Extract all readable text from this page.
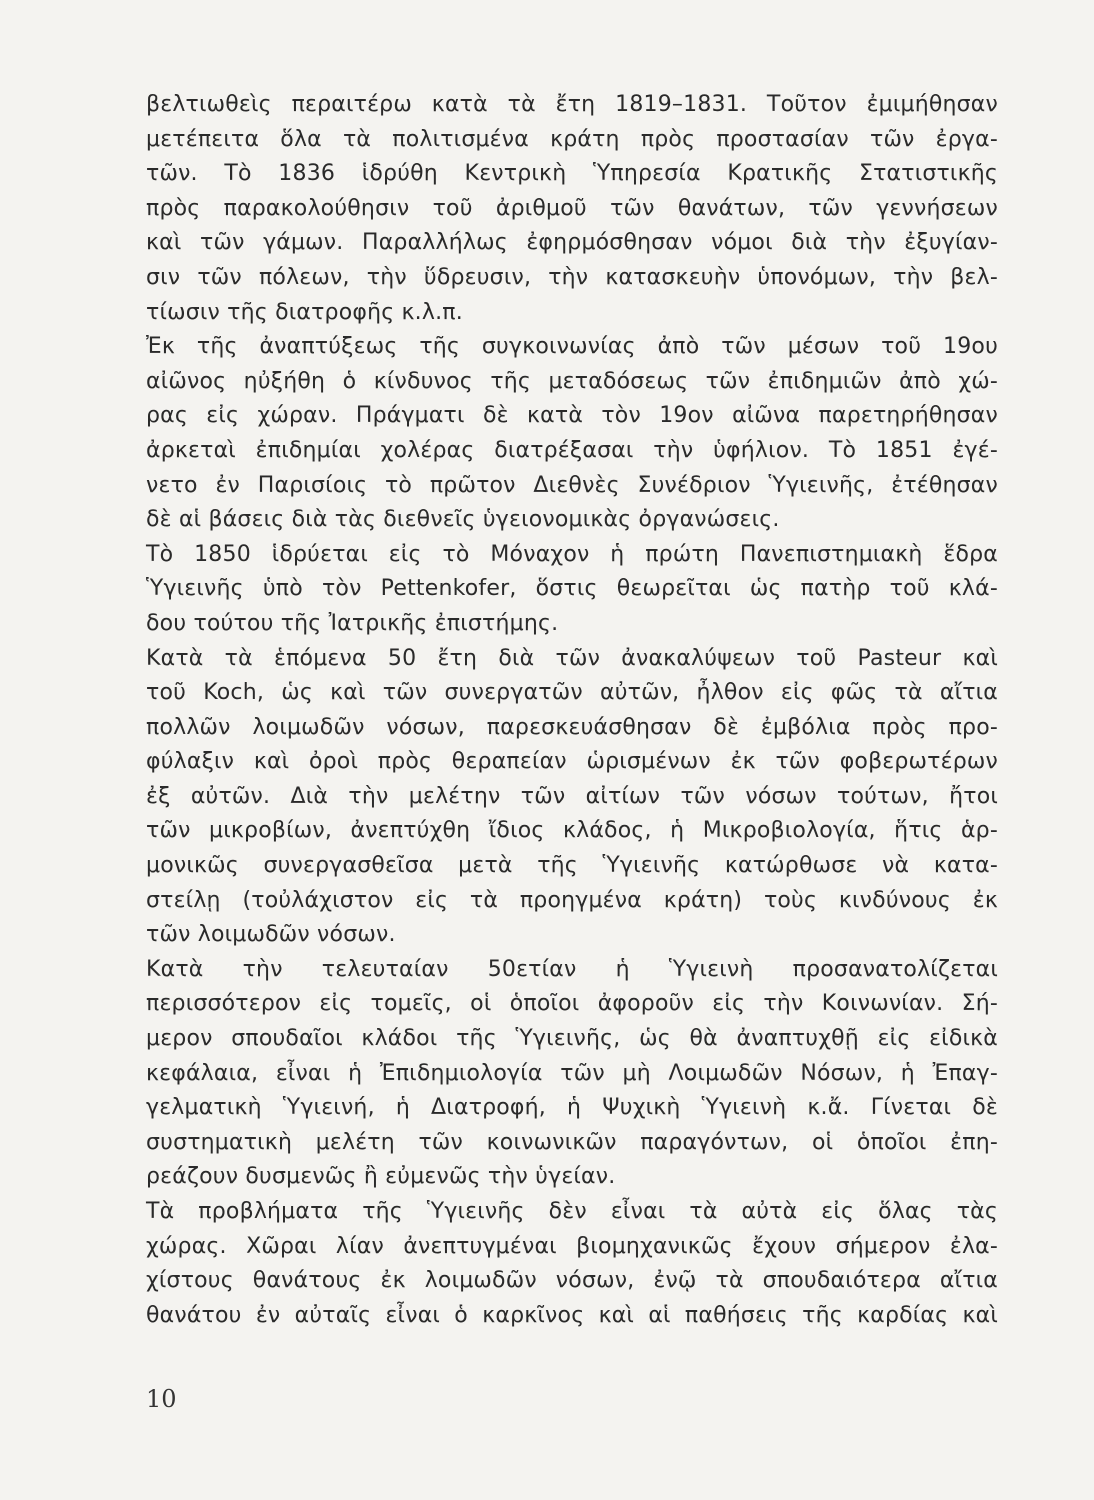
βελτιωθεὶς περαιτέρω κατὰ τὰ ἔτη 1819–1831. Τοῦτον ἐμιμήθησαν
μετέπειτα ὅλα τὰ πολιτισμένα κράτη πρὸς προστασίαν τῶν ἐργα-
τῶν. Τὸ 1836 ἱδρύθη Κεντρικὴ Ὑπηρεσία Κρατικῆς Στατιστικῆς
πρὸς παρακολούθησιν τοῦ ἀριθμοῦ τῶν θανάτων, τῶν γεννήσεων
καὶ τῶν γάμων. Παραλλήλως ἐφηρμόσθησαν νόμοι διὰ τὴν ἐξυγίαν-
σιν τῶν πόλεων, τὴν ὕδρευσιν, τὴν κατασκευὴν ὑπονόμων, τὴν βελ-
τίωσιν τῆς διατροφῆς κ.λ.π.
Ἐκ τῆς ἀναπτύξεως τῆς συγκοινωνίας ἀπὸ τῶν μέσων τοῦ 19ου
αἰῶνος ηὐξήθη ὁ κίνδυνος τῆς μεταδόσεως τῶν ἐπιδημιῶν ἀπὸ χώ-
ρας εἰς χώραν. Πράγματι δὲ κατὰ τὸν 19ον αἰῶνα παρετηρήθησαν
ἀρκεταὶ ἐπιδημίαι χολέρας διατρέξασαι τὴν ὑφήλιον. Τὸ 1851 ἐγέ-
νετο ἐν Παρισίοις τὸ πρῶτον Διεθνὲς Συνέδριον Ὑγιεινῆς, ἐτέθησαν
δὲ αἱ βάσεις διὰ τὰς διεθνεῖς ὑγειονομικὰς ὀργανώσεις.
Τὸ 1850 ἱδρύεται εἰς τὸ Μόναχον ἡ πρώτη Πανεπιστημιακὴ ἕδρα
Ὑγιεινῆς ὑπὸ τὸν Pettenkofer, ὅστις θεωρεῖται ὡς πατὴρ τοῦ κλά-
δου τούτου τῆς Ἰατρικῆς ἐπιστήμης.
Κατὰ τὰ ἑπόμενα 50 ἔτη διὰ τῶν ἀνακαλύψεων τοῦ Pasteur καὶ
τοῦ Koch, ὡς καὶ τῶν συνεργατῶν αὐτῶν, ἦλθον εἰς φῶς τὰ αἴτια
πολλῶν λοιμωδῶν νόσων, παρεσκευάσθησαν δὲ ἐμβόλια πρὸς προ-
φύλαξιν καὶ ὀροὶ πρὸς θεραπείαν ὡρισμένων ἐκ τῶν φοβερωτέρων
ἐξ αὐτῶν. Διὰ τὴν μελέτην τῶν αἰτίων τῶν νόσων τούτων, ἤτοι
τῶν μικροβίων, ἀνεπτύχθη ἴδιος κλάδος, ἡ Μικροβιολογία, ἥτις ἁρ-
μονικῶς συνεργασθεῖσα μετὰ τῆς Ὑγιεινῆς κατώρθωσε νὰ κατα-
στείλῃ (τοὐλάχιστον εἰς τὰ προηγμένα κράτη) τοὺς κινδύνους ἐκ
τῶν λοιμωδῶν νόσων.
Κατὰ τὴν τελευταίαν 50ετίαν ἡ Ὑγιεινὴ προσανατολίζεται
περισσότερον εἰς τομεῖς, οἱ ὁποῖοι ἀφοροῦν εἰς τὴν Κοινωνίαν. Σή-
μερον σπουδαῖοι κλάδοι τῆς Ὑγιεινῆς, ὡς θὰ ἀναπτυχθῇ εἰς εἰδικὰ
κεφάλαια, εἶναι ἡ Ἐπιδημιολογία τῶν μὴ Λοιμωδῶν Νόσων, ἡ Ἐπαγ-
γελματικὴ Ὑγιεινή, ἡ Διατροφή, ἡ Ψυχικὴ Ὑγιεινὴ κ.ἄ. Γίνεται δὲ
συστηματικὴ μελέτη τῶν κοινωνικῶν παραγόντων, οἱ ὁποῖοι ἐπη-
ρεάζουν δυσμενῶς ἢ εὐμενῶς τὴν ὑγείαν.
Τὰ προβλήματα τῆς Ὑγιεινῆς δὲν εἶναι τὰ αὐτὰ εἰς ὅλας τὰς
χώρας. Χῶραι λίαν ἀνεπτυγμέναι βιομηχανικῶς ἔχουν σήμερον ἐλα-
χίστους θανάτους ἐκ λοιμωδῶν νόσων, ἐνῷ τὰ σπουδαιότερα αἴτια
θανάτου ἐν αὐταῖς εἶναι ὁ καρκῖνος καὶ αἱ παθήσεις τῆς καρδίας καὶ
10
